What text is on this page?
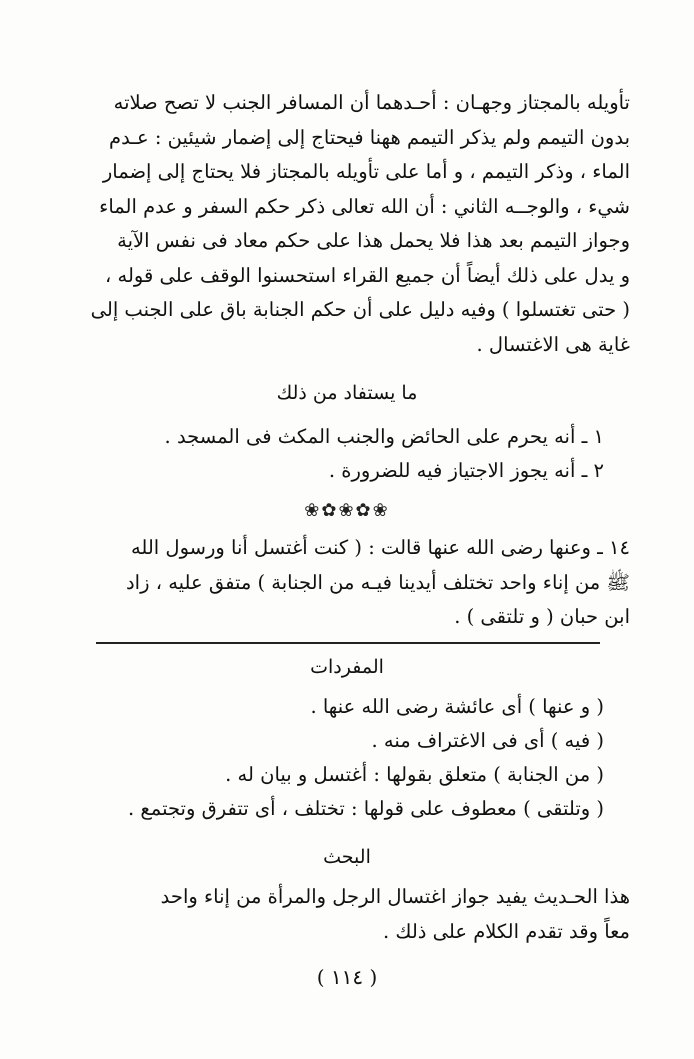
تأويله بالمجتاز وجهـان : أحـدهما أن المسافر الجنب لا تصح صلاته
بدون التيمم ولم يذكر التيمم ههنا فيحتاج إلى إضمار شيئين : عـدم
الماء ، وذكر التيمم ، و أما على تأويله بالمجتاز فلا يحتاج إلى إضمار
شيء ، والوجــه الثاني : أن الله تعالى ذكر حكم السفر و عدم الماء
وجواز التيمم بعد هذا فلا يحمل هذا على حكم معاد فى نفس الآية
و يدل على ذلك أيضاً أن جميع القراء استحسنوا الوقف على قوله ،
( حتى تغتسلوا ) وفيه دليل على أن حكم الجنابة باق على الجنب إلى
غاية هى الاغتسال .
ما يستفاد من ذلك
١ ـ أنه يحرم على الحائض والجنب المكث فى المسجد .
٢ ـ أنه يجوز الاجتياز فيه للضرورة .
❀✿❀✿❀
١٤ ـ وعنها رضى الله عنها قالت : ( كنت أغتسل أنا ورسول الله
ﷺ من إناء واحد تختلف أيدينا فيـه من الجنابة ) متفق عليه ، زاد
ابن حبان ( و تلتقى ) .
المفردات
( و عنها ) أى عائشة رضى الله عنها .
( فيه ) أى فى الاغتراف منه .
( من الجنابة ) متعلق بقولها : أغتسل و بيان له .
( وتلتقى ) معطوف على قولها : تختلف ، أى تتفرق وتجتمع .
البحث
هذا الحـديث يفيد جواز اغتسال الرجل والمرأة من إناء واحد
معاً وقد تقدم الكلام على ذلك .
( ١١٤ )
